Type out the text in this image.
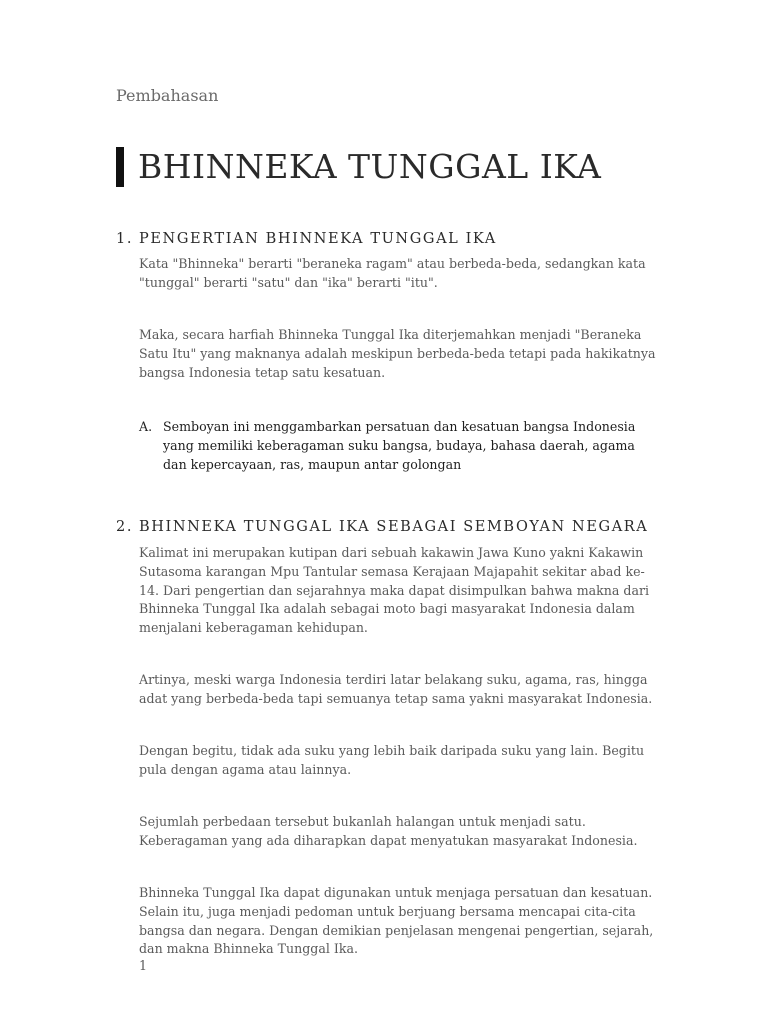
Pembahasan
BHINNEKA TUNGGAL IKA
1. PENGERTIAN BHINNEKA TUNGGAL IKA

Kata "Bhinneka" berarti "beraneka ragam" atau berbeda-beda, sedangkan kata "tunggal" berarti "satu" dan "ika" berarti "itu".

Maka, secara harfiah Bhinneka Tunggal Ika diterjemahkan menjadi "Beraneka Satu Itu" yang maknanya adalah meskipun berbeda-beda tetapi pada hakikatnya bangsa Indonesia tetap satu kesatuan.

A. Semboyan ini menggambarkan persatuan dan kesatuan bangsa Indonesia yang memiliki keberagaman suku bangsa, budaya, bahasa daerah, agama dan kepercayaan, ras, maupun antar golongan
2. BHINNEKA TUNGGAL IKA SEBAGAI SEMBOYAN NEGARA

Kalimat ini merupakan kutipan dari sebuah kakawin Jawa Kuno yakni Kakawin Sutasoma karangan Mpu Tantular semasa Kerajaan Majapahit sekitar abad ke-14. Dari pengertian dan sejarahnya maka dapat disimpulkan bahwa makna dari Bhinneka Tunggal Ika adalah sebagai moto bagi masyarakat Indonesia dalam menjalani keberagaman kehidupan.

Artinya, meski warga Indonesia terdiri latar belakang suku, agama, ras, hingga adat yang berbeda-beda tapi semuanya tetap sama yakni masyarakat Indonesia.

Dengan begitu, tidak ada suku yang lebih baik daripada suku yang lain. Begitu pula dengan agama atau lainnya.

Sejumlah perbedaan tersebut bukanlah halangan untuk menjadi satu. Keberagaman yang ada diharapkan dapat menyatukan masyarakat Indonesia.

Bhinneka Tunggal Ika dapat digunakan untuk menjaga persatuan dan kesatuan. Selain itu, juga menjadi pedoman untuk berjuang bersama mencapai cita-cita bangsa dan negara. Dengan demikian penjelasan mengenai pengertian, sejarah, dan makna Bhinneka Tunggal Ika.

1
